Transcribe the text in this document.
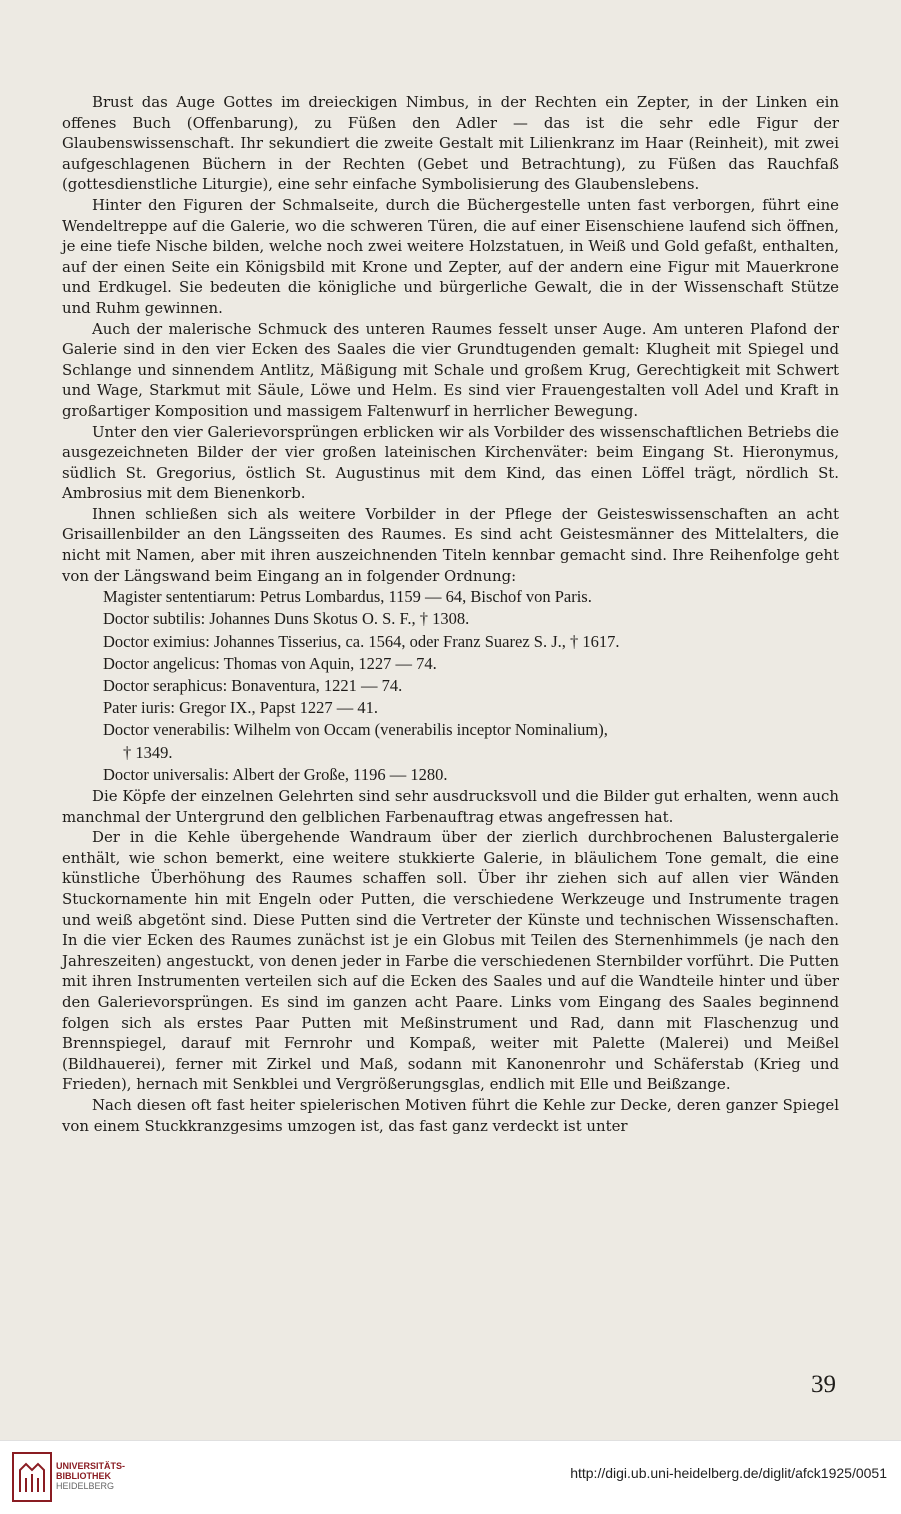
Brust das Auge Gottes im dreieckigen Nimbus, in der Rechten ein Zepter, in der Linken ein offenes Buch (Offenbarung), zu Füßen den Adler — das ist die sehr edle Figur der Glaubenswissenschaft. Ihr sekundiert die zweite Gestalt mit Lilienkranz im Haar (Reinheit), mit zwei aufgeschlagenen Büchern in der Rechten (Gebet und Betrachtung), zu Füßen das Rauchfaß (gottesdienstliche Liturgie), eine sehr einfache Symbolisierung des Glaubenslebens.

Hinter den Figuren der Schmalseite, durch die Büchergestelle unten fast verborgen, führt eine Wendeltreppe auf die Galerie, wo die schweren Türen, die auf einer Eisenschiene laufend sich öffnen, je eine tiefe Nische bilden, welche noch zwei weitere Holzstatuen, in Weiß und Gold gefaßt, enthalten, auf der einen Seite ein Königsbild mit Krone und Zepter, auf der andern eine Figur mit Mauerkrone und Erdkugel. Sie bedeuten die königliche und bürgerliche Gewalt, die in der Wissenschaft Stütze und Ruhm gewinnen.

Auch der malerische Schmuck des unteren Raumes fesselt unser Auge. Am unteren Plafond der Galerie sind in den vier Ecken des Saales die vier Grundtugenden gemalt: Klugheit mit Spiegel und Schlange und sinnendem Antlitz, Mäßigung mit Schale und großem Krug, Gerechtigkeit mit Schwert und Wage, Starkmut mit Säule, Löwe und Helm. Es sind vier Frauengestalten voll Adel und Kraft in großartiger Komposition und massigem Faltenwurf in herrlicher Bewegung.

Unter den vier Galerievorsprüngen erblicken wir als Vorbilder des wissenschaftlichen Betriebs die ausgezeichneten Bilder der vier großen lateinischen Kirchenväter: beim Eingang St. Hieronymus, südlich St. Gregorius, östlich St. Augustinus mit dem Kind, das einen Löffel trägt, nördlich St. Ambrosius mit dem Bienenkorb.

Ihnen schließen sich als weitere Vorbilder in der Pflege der Geisteswissenschaften an acht Grisaillenbilder an den Längsseiten des Raumes. Es sind acht Geistesmänner des Mittelalters, die nicht mit Namen, aber mit ihren auszeichnenden Titeln kennbar gemacht sind. Ihre Reihenfolge geht von der Längswand beim Eingang an in folgender Ordnung:

Magister sententiarum: Petrus Lombardus, 1159 — 64, Bischof von Paris.
Doctor subtilis: Johannes Duns Skotus O. S. F., † 1308.
Doctor eximius: Johannes Tisserius, ca. 1564, oder Franz Suarez S. J., † 1617.
Doctor angelicus: Thomas von Aquin, 1227 — 74.
Doctor seraphicus: Bonaventura, 1221 — 74.
Pater iuris: Gregor IX., Papst 1227 — 41.
Doctor venerabilis: Wilhelm von Occam (venerabilis inceptor Nominalium),
† 1349.
Doctor universalis: Albert der Große, 1196 — 1280.

Die Köpfe der einzelnen Gelehrten sind sehr ausdrucksvoll und die Bilder gut erhalten, wenn auch manchmal der Untergrund den gelblichen Farbenauftrag etwas angefressen hat.

Der in die Kehle übergehende Wandraum über der zierlich durchbrochenen Balustergalerie enthält, wie schon bemerkt, eine weitere stukkierte Galerie, in bläulichem Tone gemalt, die eine künstliche Überhöhung des Raumes schaffen soll. Über ihr ziehen sich auf allen vier Wänden Stuckornamente hin mit Engeln oder Putten, die verschiedene Werkzeuge und Instrumente tragen und weiß abgetönt sind. Diese Putten sind die Vertreter der Künste und technischen Wissenschaften. In die vier Ecken des Raumes zunächst ist je ein Globus mit Teilen des Sternenhimmels (je nach den Jahreszeiten) angestuckt, von denen jeder in Farbe die verschiedenen Sternbilder vorführt. Die Putten mit ihren Instrumenten verteilen sich auf die Ecken des Saales und auf die Wandteile hinter und über den Galerievorsprüngen. Es sind im ganzen acht Paare. Links vom Eingang des Saales beginnend folgen sich als erstes Paar Putten mit Meßinstrument und Rad, dann mit Flaschenzug und Brennspiegel, darauf mit Fernrohr und Kompaß, weiter mit Palette (Malerei) und Meißel (Bildhauerei), ferner mit Zirkel und Maß, sodann mit Kanonenrohr und Schäferstab (Krieg und Frieden), hernach mit Senkblei und Vergrößerungsglas, endlich mit Elle und Beißzange.

Nach diesen oft fast heiter spielerischen Motiven führt die Kehle zur Decke, deren ganzer Spiegel von einem Stuckkranzgesims umzogen ist, das fast ganz verdeckt ist unter

39
UNIVERSITÄTS-
BIBLIOTHEK
HEIDELBERG
http://digi.ub.uni-heidelberg.de/diglit/afck1925/0051
